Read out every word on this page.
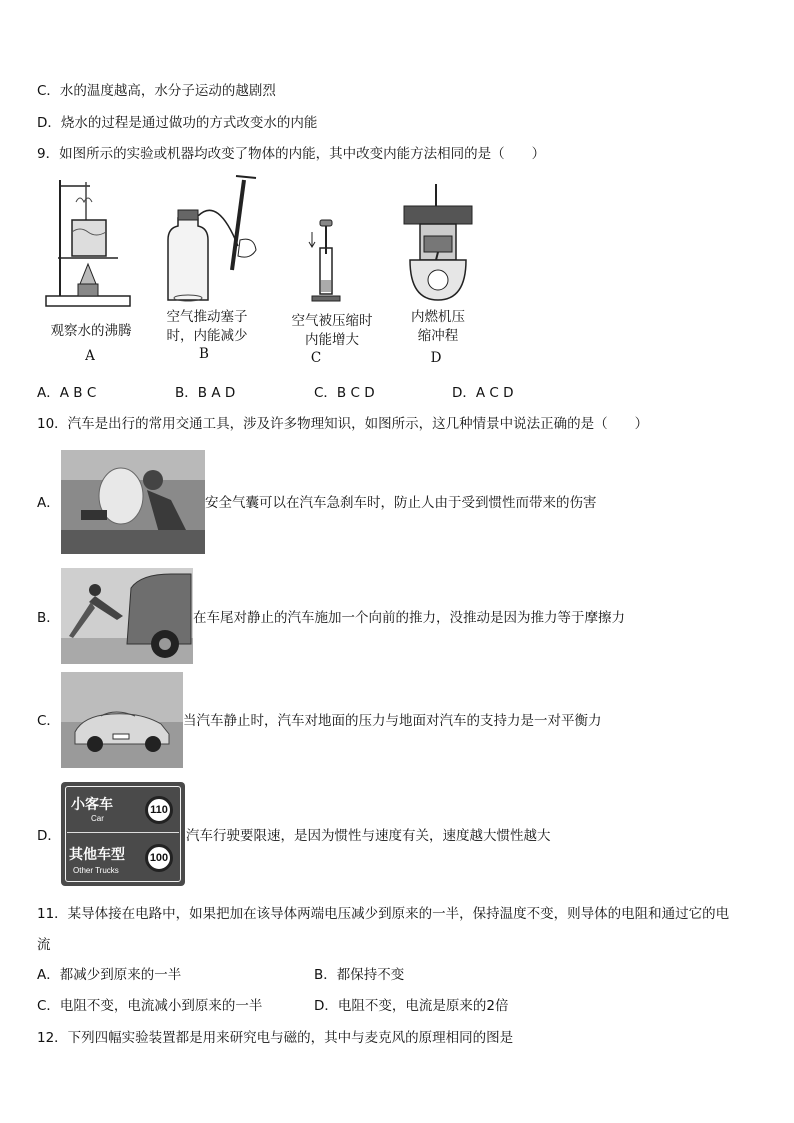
C．水的温度越高，水分子运动的越剧烈
D．烧水的过程是通过做功的方式改变水的内能
9．如图所示的实验或机器均改变了物体的内能，其中改变内能方法相同的是（　　）
观察水的沸腾
A
空气推动塞子
时，内能减少
B
空气被压缩时
内能增大
C
内燃机压
缩冲程
D
A．A B C	B．B A D	C．B C D	D．A C D
10．汽车是出行的常用交通工具，涉及许多物理知识，如图所示，这几种情景中说法正确的是（　　）
A．	安全气囊可以在汽车急刹车时，防止人由于受到惯性而带来的伤害
B．	在车尾对静止的汽车施加一个向前的推力，没推动是因为推力等于摩擦力
C．	当汽车静止时，汽车对地面的压力与地面对汽车的支持力是一对平衡力
D．
小客车
Car
110
其他车型
Other Trucks
100
汽车行驶要限速，是因为惯性与速度有关，速度越大惯性越大
11．某导体接在电路中，如果把加在该导体两端电压减少到原来的一半，保持温度不变，则导体的电阻和通过它的电
流
A．都减少到原来的一半	B．都保持不变
C．电阻不变，电流减小到原来的一半	D．电阻不变，电流是原来的2倍
12．下列四幅实验装置都是用来研究电与磁的，其中与麦克风的原理相同的图是
